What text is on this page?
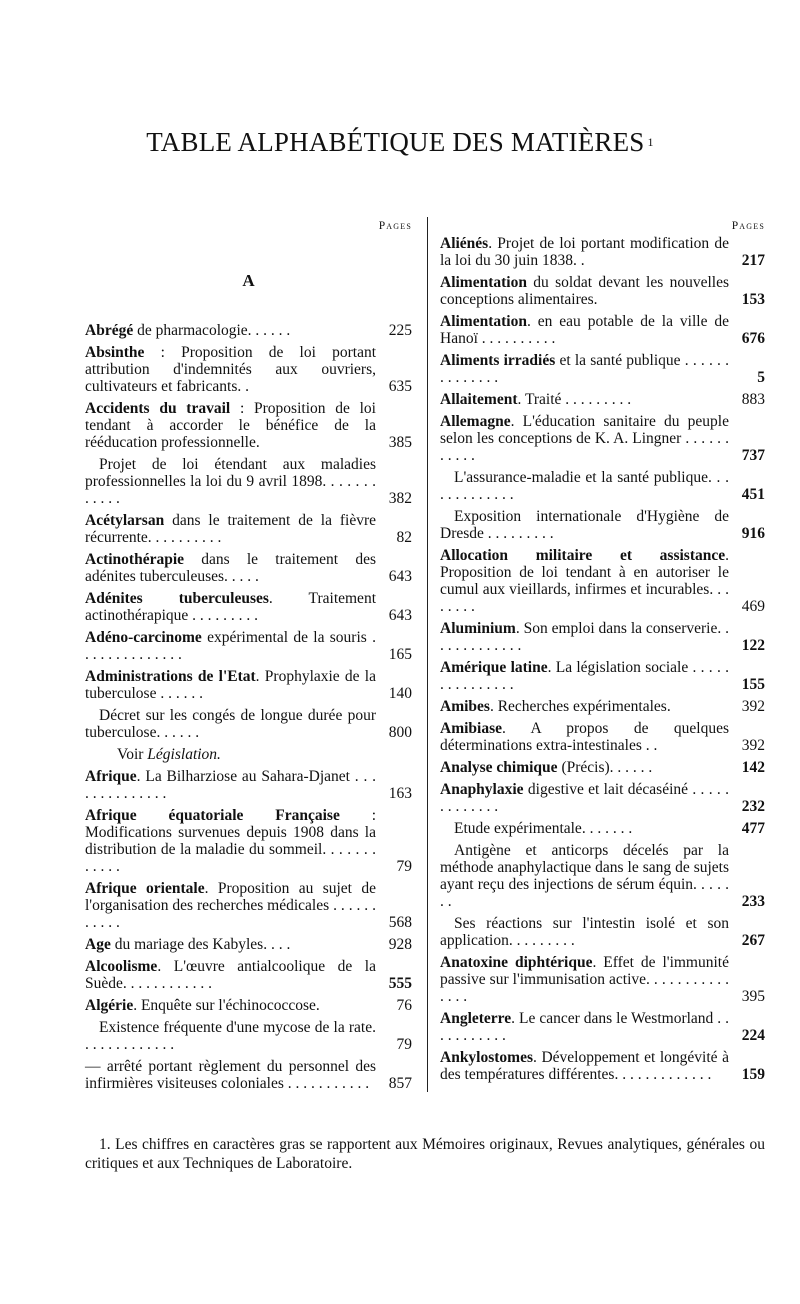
TABLE ALPHABÉTIQUE DES MATIÈRES $^1$
Pages
A
Abrégé de pharmacologie. . . . . .	225
Absinthe : Proposition de loi portant attribution d'indemnités aux ouvriers, cultivateurs et fabricants. .	635
Accidents du travail : Proposition de loi tendant à accorder le bénéfice de la rééducation professionnelle.	385
Projet de loi étendant aux maladies professionnelles la loi du 9 avril 1898. . . . . . . . . . . .	382
Acétylarsan dans le traitement de la fièvre récurrente. . . . . . . . . .	82
Actinothérapie dans le traitement des adénites tuberculeuses. . . . .	643
Adénites tuberculeuses. Traitement actinothérapique . . . . . . . . .	643
Adéno-carcinome expérimental de la souris . . . . . . . . . . . . . .	165
Administrations de l'Etat. Prophylaxie de la tuberculose . . . . . .	140
Décret sur les congés de longue durée pour tuberculose. . . . . .	800
Voir Législation.
Afrique. La Bilharziose au Sahara-Djanet . . . . . . . . . . . . . .	163
Afrique équatoriale Française : Modifications survenues depuis 1908 dans la distribution de la maladie du sommeil. . . . . . . . . . . .	79
Afrique orientale. Proposition au sujet de l'organisation des recherches médicales . . . . . . . . . . .	568
Age du mariage des Kabyles. . . .	928
Alcoolisme. L'œuvre antialcoolique de la Suède. . . . . . . . . . . .	555
Algérie. Enquête sur l'échinococcose.	76
Existence fréquente d'une mycose de la rate. . . . . . . . . . . . .	79
— arrêté portant règlement du personnel des infirmières visiteuses coloniales . . . . . . . . . . .	857
Pages
Aliénés. Projet de loi portant modification de la loi du 30 juin 1838. .	217
Alimentation du soldat devant les nouvelles conceptions alimentaires.	153
Alimentation. en eau potable de la ville de Hanoï . . . . . . . . . .	676
Aliments irradiés et la santé publique . . . . . . . . . . . . . .	5
Allaitement. Traité . . . . . . . . .	883
Allemagne. L'éducation sanitaire du peuple selon les conceptions de K. A. Lingner . . . . . . . . . . .	737
L'assurance-maladie et la santé publique. . . . . . . . . . . . .	451
Exposition internationale d'Hygiène de Dresde . . . . . . . . .	916
Allocation militaire et assistance. Proposition de loi tendant à en autoriser le cumul aux vieillards, infirmes et incurables. . . . . . . .	469
Aluminium. Son emploi dans la conserverie. . . . . . . . . . . . .	122
Amérique latine. La législation sociale . . . . . . . . . . . . . . .	155
Amibes. Recherches expérimentales.	392
Amibiase. A propos de quelques déterminations extra-intestinales . .	392
Analyse chimique (Précis). . . . . .	142
Anaphylaxie digestive et lait décaséiné . . . . . . . . . . . . .	232
Etude expérimentale. . . . . . .	477
Antigène et anticorps décelés par la méthode anaphylactique dans le sang de sujets ayant reçu des injections de sérum équin. . . . . . .	233
Ses réactions sur l'intestin isolé et son application. . . . . . . . .	267
Anatoxine diphtérique. Effet de l'immunité passive sur l'immunisation active. . . . . . . . . . . . . . .	395
Angleterre. Le cancer dans le Westmorland . . . . . . . . . . .	224
Ankylostomes. Développement et longévité à des températures différentes. . . . . . . . . . . . .	159

1. Les chiffres en caractères gras se rapportent aux Mémoires originaux, Revues analytiques, générales ou critiques et aux Techniques de Laboratoire.
